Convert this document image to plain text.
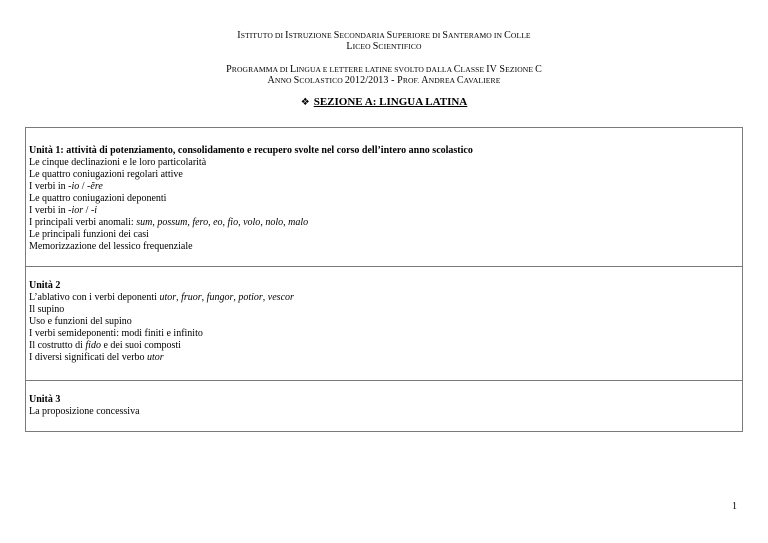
ISTITUTO DI ISTRUZIONE SECONDARIA SUPERIORE DI SANTERAMO IN COLLE
LICEO SCIENTIFICO
PROGRAMMA DI LINGUA E LETTERE LATINE SVOLTO DALLA CLASSE IV SEZIONE C
ANNO SCOLASTICO 2012/2013 - PROF. ANDREA CAVALIERE
❖ SEZIONE A: LINGUA LATINA
Unità 1: attività di potenziamento, consolidamento e recupero svolte nel corso dell’intero anno scolastico
Le cinque declinazioni e le loro particolarità
Le quattro coniugazioni regolari attive
I verbi in -io / -ĕre
Le quattro coniugazioni deponenti
I verbi in -ior / -i
I principali verbi anomali: sum, possum, fero, eo, fio, volo, nolo, malo
Le principali funzioni dei casi
Memorizzazione del lessico frequenziale
Unità 2
L’ablativo con i verbi deponenti utor, fruor, fungor, potior, vescor
Il supino
Uso e funzioni del supino
I verbi semideponenti: modi finiti e infinito
Il costrutto di fido e dei suoi composti
I diversi significati del verbo utor
Unità 3
La proposizione concessiva
1
